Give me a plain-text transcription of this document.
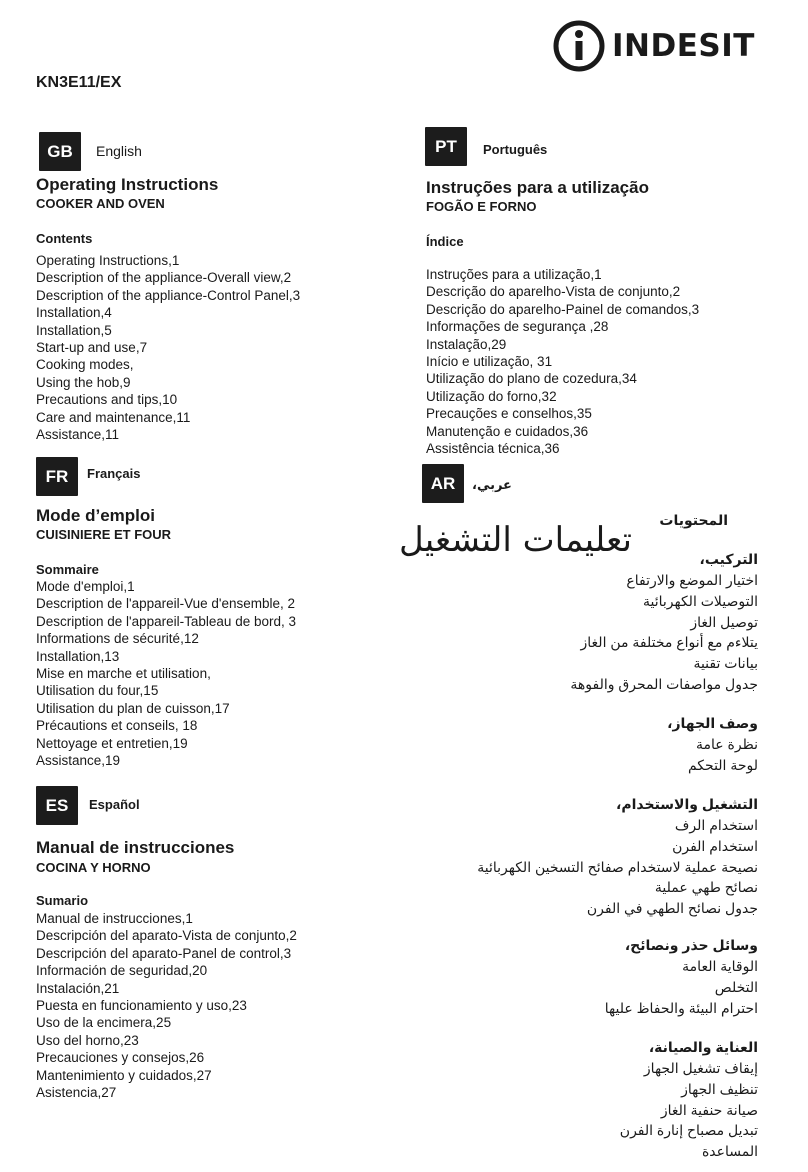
INDESIT
KN3E11/EX
GB	English
Operating Instructions
COOKER AND OVEN
Contents
Operating Instructions,1
Description of the appliance-Overall view,2
Description of the appliance-Control Panel,3
Installation,4
Installation,5
Start-up and use,7
Cooking modes,
Using the hob,9
Precautions and tips,10
Care and maintenance,11
Assistance,11
FR	Français
Mode d’emploi
CUISINIERE ET FOUR
Sommaire
Mode d'emploi,1
Description de l'appareil-Vue d'ensemble, 2
Description de l'appareil-Tableau de bord, 3
Informations de sécurité,12
Installation,13
Mise en marche et utilisation,
Utilisation du four,15
Utilisation du plan de cuisson,17
Précautions et conseils, 18
Nettoyage et entretien,19
Assistance,19
ES	Español
Manual de instrucciones
COCINA Y HORNO
Sumario
Manual de instrucciones,1
Descripción del aparato-Vista de conjunto,2
Descripción del aparato-Panel de control,3
Información de seguridad,20
Instalación,21
Puesta en funcionamiento y uso,23
Uso de la encimera,25
Uso del horno,23
Precauciones y consejos,26
Mantenimiento y cuidados,27
Asistencia,27
PT	Português
Instruções para a utilização
FOGÃO E FORNO
Índice
Instruções para a utilização,1
Descrição do aparelho-Vista de conjunto,2
Descrição do aparelho-Painel de comandos,3
Informações de segurança ,28
Instalação,29
Início e utilização, 31
Utilização do plano de cozedura,34
Utilização do forno,32
Precauções e conselhos,35
Manutenção e cuidados,36
Assistência técnica,36
AR	عربي،
المحتويات
تعليمات التشغيل	التركيب،
اختيار الموضع والارتفاع
التوصيلات الكهربائية
توصيل الغاز
يتلاءم مع أنواع مختلفة من الغاز
بيانات تقنية
جدول مواصفات المحرق والفوهة
وصف الجهاز،
نظرة عامة
لوحة التحكم
التشغيل والاستخدام،
استخدام الرف
استخدام الفرن
نصيحة عملية لاستخدام صفائح التسخين الكهربائية
نصائح طهي عملية
جدول نصائح الطهي في الفرن
وسائل حذر ونصائح،
الوقاية العامة
التخلص
احترام البيئة والحفاظ عليها
العناية والصيانة،
إيقاف تشغيل الجهاز
تنظيف الجهاز
صيانة حنفية الغاز
تبديل مصباح إنارة الفرن
المساعدة
